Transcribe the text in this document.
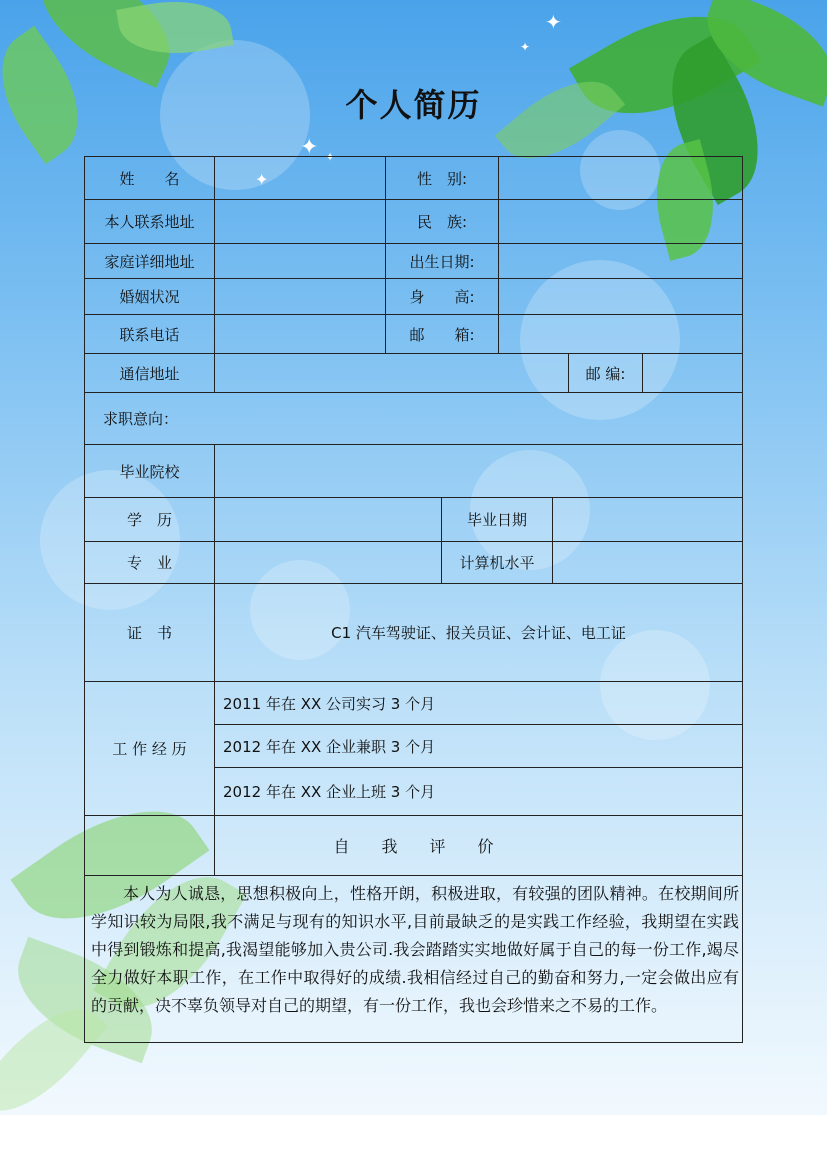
✦
✦ ✦
✦
✦
个人简历
姓　　名	性　别:
本人联系地址	民　族:
家庭详细地址	出生日期:
婚姻状况	身　　高:
联系电话	邮　　箱:
通信地址	邮 编:
求职意向：
毕业院校
学　历	毕业日期
专　业	计算机水平
证　书	C1 汽车驾驶证、报关员证、会计证、电工证
工 作 经 历
2011 年在 XX 公司实习 3 个月
2012 年在 XX 企业兼职 3 个月
2012 年在 XX 企业上班 3 个月
自　　我　　评　　价

本人为人诚恳，思想积极向上，性格开朗，积极进取，有较强的团队精神。在校期间所学知识较为局限,我不满足与现有的知识水平,目前最缺乏的是实践工作经验，我期望在实践中得到锻炼和提高,我渴望能够加入贵公司.我会踏踏实实地做好属于自己的每一份工作,竭尽全力做好本职工作，在工作中取得好的成绩.我相信经过自己的勤奋和努力,一定会做出应有的贡献，决不辜负领导对自己的期望，有一份工作，我也会珍惜来之不易的工作。
